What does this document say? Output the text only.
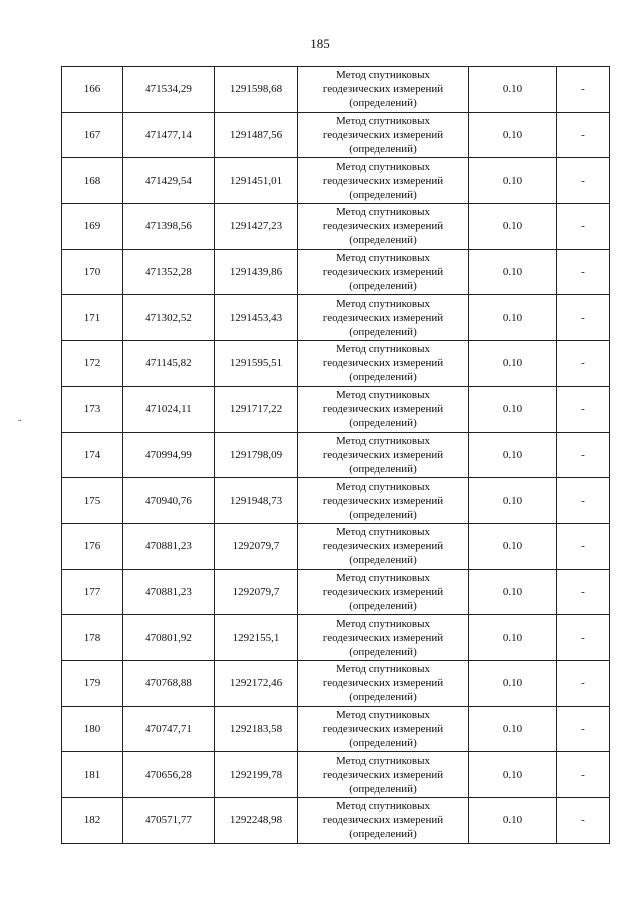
185
166	471534,29	1291598,68	Метод спутниковых
геодезических измерений
(определений)	0.10	-
167	471477,14	1291487,56	Метод спутниковых
геодезических измерений
(определений)	0.10	-
168	471429,54	1291451,01	Метод спутниковых
геодезических измерений
(определений)	0.10	-
169	471398,56	1291427,23	Метод спутниковых
геодезических измерений
(определений)	0.10	-
170	471352,28	1291439,86	Метод спутниковых
геодезических измерений
(определений)	0.10	-
171	471302,52	1291453,43	Метод спутниковых
геодезических измерений
(определений)	0.10	-
172	471145,82	1291595,51	Метод спутниковых
геодезических измерений
(определений)	0.10	-
173	471024,11	1291717,22	Метод спутниковых
геодезических измерений
(определений)	0.10	-
174	470994,99	1291798,09	Метод спутниковых
геодезических измерений
(определений)	0.10	-
175	470940,76	1291948,73	Метод спутниковых
геодезических измерений
(определений)	0.10	-
176	470881,23	1292079,7	Метод спутниковых
геодезических измерений
(определений)	0.10	-
177	470881,23	1292079,7	Метод спутниковых
геодезических измерений
(определений)	0.10	-
178	470801,92	1292155,1	Метод спутниковых
геодезических измерений
(определений)	0.10	-
179	470768,88	1292172,46	Метод спутниковых
геодезических измерений
(определений)	0.10	-
180	470747,71	1292183,58	Метод спутниковых
геодезических измерений
(определений)	0.10	-
181	470656,28	1292199,78	Метод спутниковых
геодезических измерений
(определений)	0.10	-
182	470571,77	1292248,98	Метод спутниковых
геодезических измерений
(определений)	0.10	-
